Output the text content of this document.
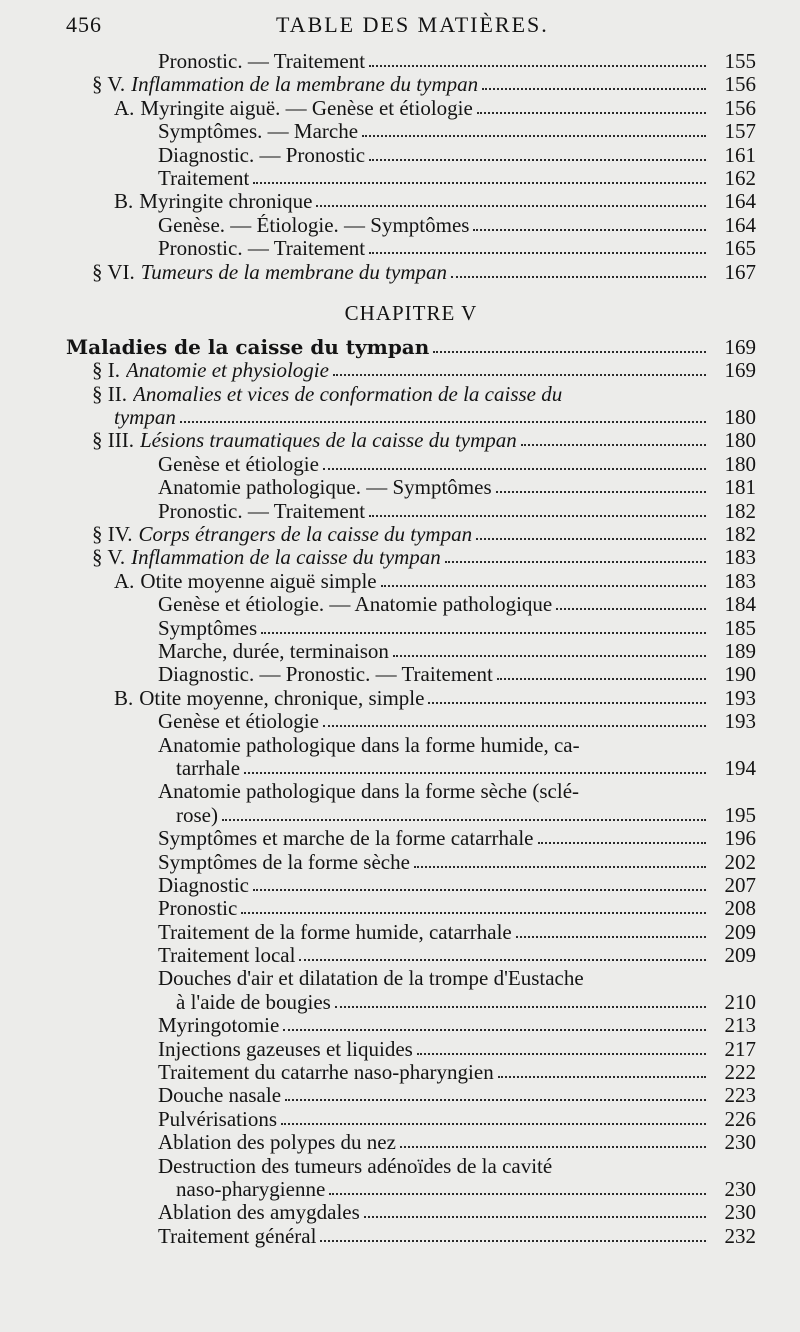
456	TABLE DES MATIÈRES.
Pronostic. — Traitement	155
§ V. Inflammation de la membrane du tympan	156
A. Myringite aiguë. — Genèse et étiologie	156
Symptômes. — Marche	157
Diagnostic. — Pronostic	161
Traitement	162
B. Myringite chronique	164
Genèse. — Étiologie. — Symptômes	164
Pronostic. — Traitement	165
§ VI. Tumeurs de la membrane du tympan	167
CHAPITRE V
Maladies de la caisse du tympan	169
§ I. Anatomie et physiologie	169
§ II. Anomalies et vices de conformation de la caisse du
tympan	180
§ III. Lésions traumatiques de la caisse du tympan	180
Genèse et étiologie	180
Anatomie pathologique. — Symptômes	181
Pronostic. — Traitement	182
§ IV. Corps étrangers de la caisse du tympan	182
§ V. Inflammation de la caisse du tympan	183
A. Otite moyenne aiguë simple	183
Genèse et étiologie. — Anatomie pathologique	184
Symptômes	185
Marche, durée, terminaison	189
Diagnostic. — Pronostic. — Traitement	190
B. Otite moyenne, chronique, simple	193
Genèse et étiologie	193
Anatomie pathologique dans la forme humide, ca-
tarrhale	194
Anatomie pathologique dans la forme sèche (sclé-
rose)	195
Symptômes et marche de la forme catarrhale	196
Symptômes de la forme sèche	202
Diagnostic	207
Pronostic	208
Traitement de la forme humide, catarrhale	209
Traitement local	209
Douches d'air et dilatation de la trompe d'Eustache
à l'aide de bougies	210
Myringotomie	213
Injections gazeuses et liquides	217
Traitement du catarrhe naso-pharyngien	222
Douche nasale	223
Pulvérisations	226
Ablation des polypes du nez	230
Destruction des tumeurs adénoïdes de la cavité
naso-pharygienne	230
Ablation des amygdales	230
Traitement général	232
